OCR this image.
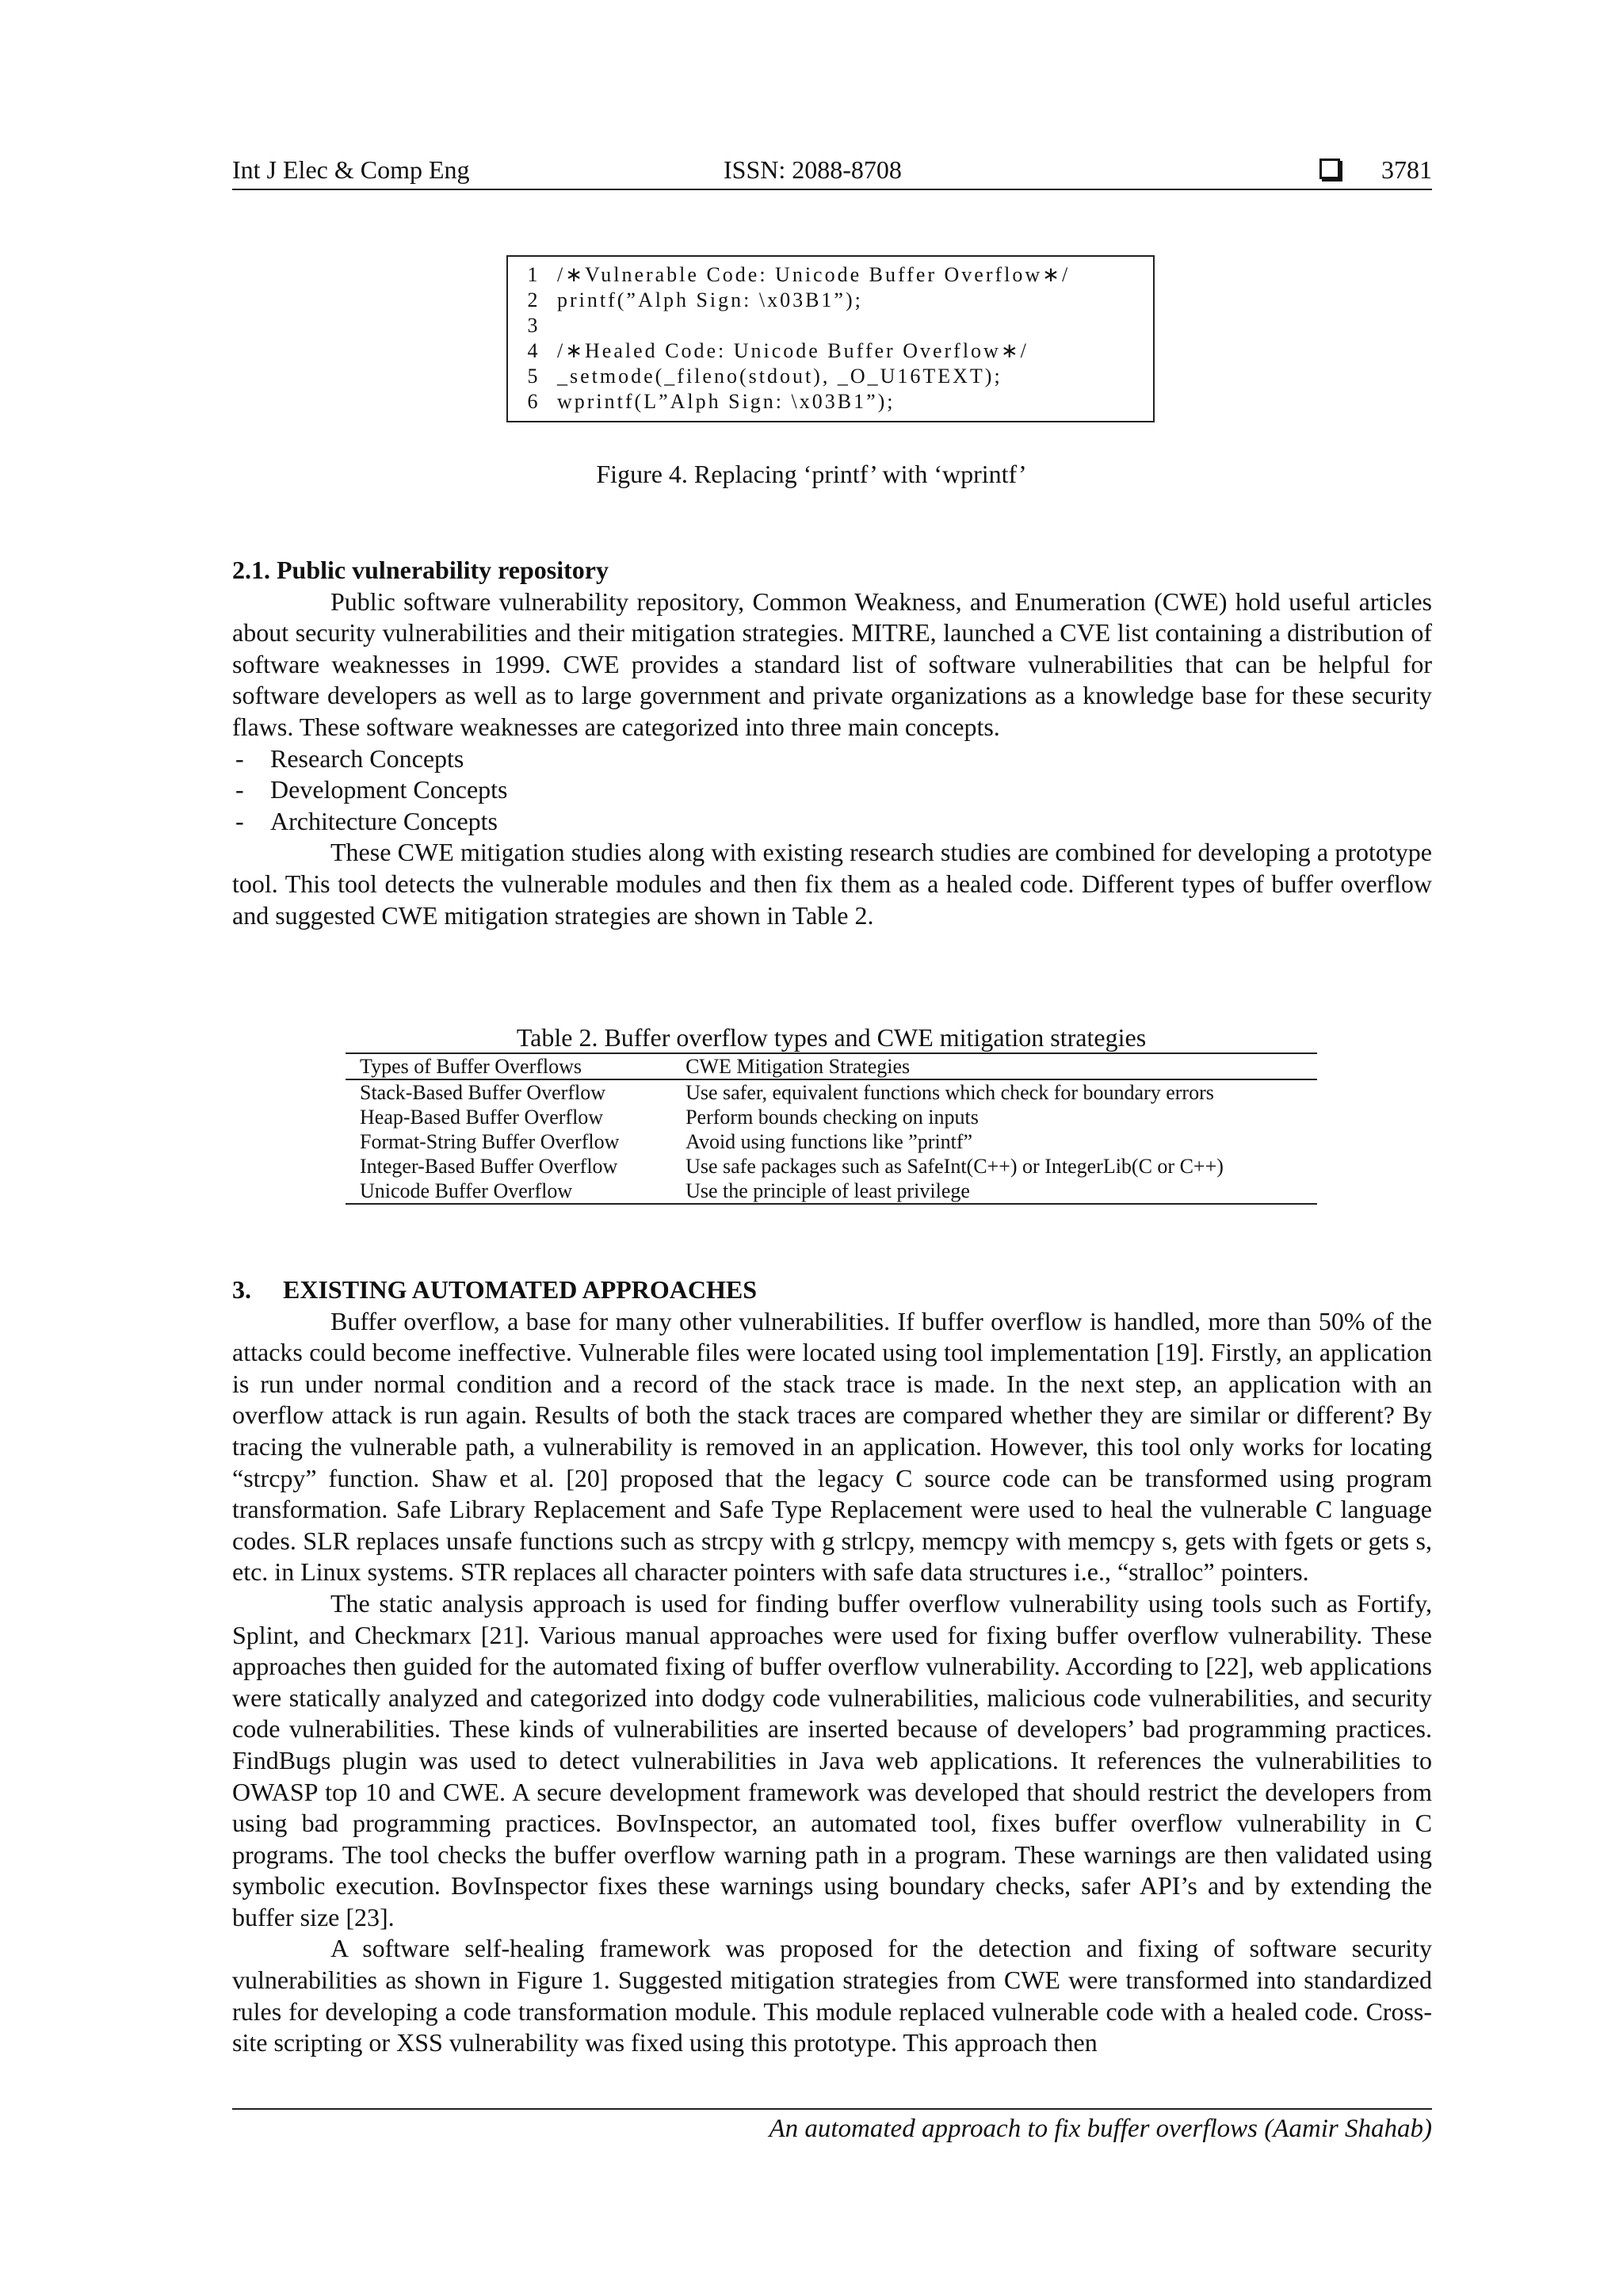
Int J Elec & Comp Eng	ISSN: 2088-8708	3781
1 /∗Vulnerable Code: Unicode Buffer Overflow∗/
2 printf(”Alph Sign: \x03B1”);
3
4 /∗Healed Code: Unicode Buffer Overflow∗/
5 _setmode(_fileno(stdout), _O_U16TEXT);
6 wprintf(L”Alph Sign: \x03B1”);
Figure 4. Replacing ‘printf’ with ‘wprintf’

2.1. Public vulnerability repository

Public software vulnerability repository, Common Weakness, and Enumeration (CWE) hold useful articles about security vulnerabilities and their mitigation strategies. MITRE, launched a CVE list containing a distribution of software weaknesses in 1999. CWE provides a standard list of software vulnerabilities that can be helpful for software developers as well as to large government and private organizations as a knowledge base for these security flaws. These software weaknesses are categorized into three main concepts.

- Research Concepts
- Development Concepts
- Architecture Concepts

These CWE mitigation studies along with existing research studies are combined for developing a prototype tool. This tool detects the vulnerable modules and then fix them as a healed code. Different types of buffer overflow and suggested CWE mitigation strategies are shown in Table 2.

Table 2. Buffer overflow types and CWE mitigation strategies
Types of Buffer Overflows	CWE Mitigation Strategies
Stack-Based Buffer Overflow	Use safer, equivalent functions which check for boundary errors
Heap-Based Buffer Overflow	Perform bounds checking on inputs
Format-String Buffer Overflow	Avoid using functions like ”printf”
Integer-Based Buffer Overflow	Use safe packages such as SafeInt(C++) or IntegerLib(C or C++)
Unicode Buffer Overflow	Use the principle of least privilege

3. EXISTING AUTOMATED APPROACHES

Buffer overflow, a base for many other vulnerabilities. If buffer overflow is handled, more than 50% of the attacks could become ineffective. Vulnerable files were located using tool implementation [19]. Firstly, an application is run under normal condition and a record of the stack trace is made. In the next step, an application with an overflow attack is run again. Results of both the stack traces are compared whether they are similar or different? By tracing the vulnerable path, a vulnerability is removed in an application. However, this tool only works for locating “strcpy” function. Shaw et al. [20] proposed that the legacy C source code can be transformed using program transformation. Safe Library Replacement and Safe Type Replacement were used to heal the vulnerable C language codes. SLR replaces unsafe functions such as strcpy with g strlcpy, memcpy with memcpy s, gets with fgets or gets s, etc. in Linux systems. STR replaces all character pointers with safe data structures i.e., “stralloc” pointers.

The static analysis approach is used for finding buffer overflow vulnerability using tools such as Fortify, Splint, and Checkmarx [21]. Various manual approaches were used for fixing buffer overflow vulnerability. These approaches then guided for the automated fixing of buffer overflow vulnerability. According to [22], web applications were statically analyzed and categorized into dodgy code vulnerabilities, malicious code vulnerabilities, and security code vulnerabilities. These kinds of vulnerabilities are inserted because of developers’ bad programming practices. FindBugs plugin was used to detect vulnerabilities in Java web applications. It references the vulnerabilities to OWASP top 10 and CWE. A secure development framework was developed that should restrict the developers from using bad programming practices. BovInspector, an automated tool, fixes buffer overflow vulnerability in C programs. The tool checks the buffer overflow warning path in a program. These warnings are then validated using symbolic execution. BovInspector fixes these warnings using boundary checks, safer API’s and by extending the buffer size [23].

A software self-healing framework was proposed for the detection and fixing of software security vulnerabilities as shown in Figure 1. Suggested mitigation strategies from CWE were transformed into standardized rules for developing a code transformation module. This module replaced vulnerable code with a healed code. Cross-site scripting or XSS vulnerability was fixed using this prototype. This approach then

An automated approach to fix buffer overflows (Aamir Shahab)
